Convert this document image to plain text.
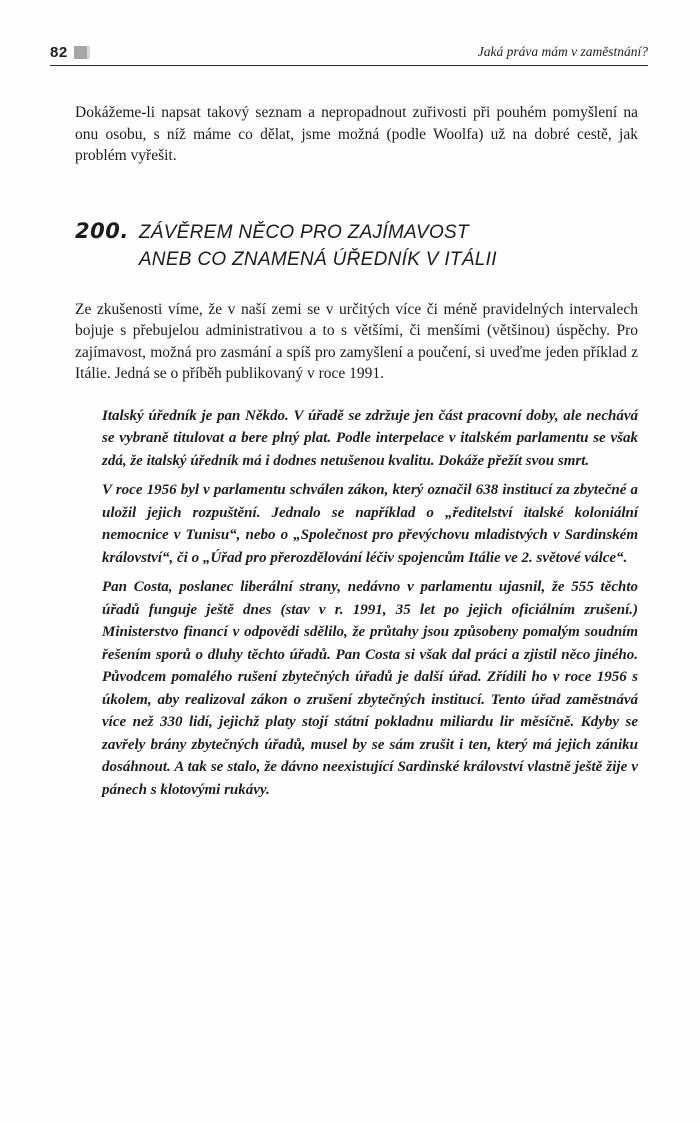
82	Jaká práva mám v zaměstnání?

Dokážeme-li napsat takový seznam a nepropadnout zuřivosti při pouhém pomyšlení na onu osobu, s níž máme co dělat, jsme možná (podle Woolfa) už na dobré cestě, jak problém vyřešit.

200. ZÁVĚREM NĚCO PRO ZAJÍMAVOST
ANEB CO ZNAMENÁ ÚŘEDNÍK V ITÁLII

Ze zkušenosti víme, že v naší zemi se v určitých více či méně pravidelných intervalech bojuje s přebujelou administrativou a to s většími, či menšími (většinou) úspěchy. Pro zajímavost, možná pro zasmání a spíš pro zamyšlení a poučení, si uveďme jeden příklad z Itálie. Jedná se o příběh publikovaný v roce 1991.

Italský úředník je pan Někdo. V úřadě se zdržuje jen část pracovní doby, ale nechává se vybraně titulovat a bere plný plat. Podle interpelace v italském parlamentu se však zdá, že italský úředník má i dodnes netušenou kvalitu. Dokáže přežít svou smrt.

V roce 1956 byl v parlamentu schválen zákon, který označil 638 institucí za zbytečné a uložil jejich rozpuštění. Jednalo se například o „ředitelství italské koloniální nemocnice v Tunisu“, nebo o „Společnost pro převýchovu mladistvých v Sardinském království“, či o „Úřad pro přerozdělování léčiv spojencům Itálie ve 2. světové válce“.

Pan Costa, poslanec liberální strany, nedávno v parlamentu ujasnil, že 555 těchto úřadů funguje ještě dnes (stav v r. 1991, 35 let po jejich oficiálním zrušení.) Ministerstvo financí v odpovědi sdělilo, že průtahy jsou způsobeny pomalým soudním řešením sporů o dluhy těchto úřadů. Pan Costa si však dal práci a zjistil něco jiného. Původcem pomalého rušení zbytečných úřadů je další úřad. Zřídili ho v roce 1956 s úkolem, aby realizoval zákon o zrušení zbytečných institucí. Tento úřad zaměstnává více než 330 lidí, jejichž platy stojí státní pokladnu miliardu lir měsíčně. Kdyby se zavřely brány zbytečných úřadů, musel by se sám zrušit i ten, který má jejich zániku dosáhnout. A tak se stalo, že dávno neexistující Sardinské království vlastně ještě žije v pánech s klotovými rukávy.
